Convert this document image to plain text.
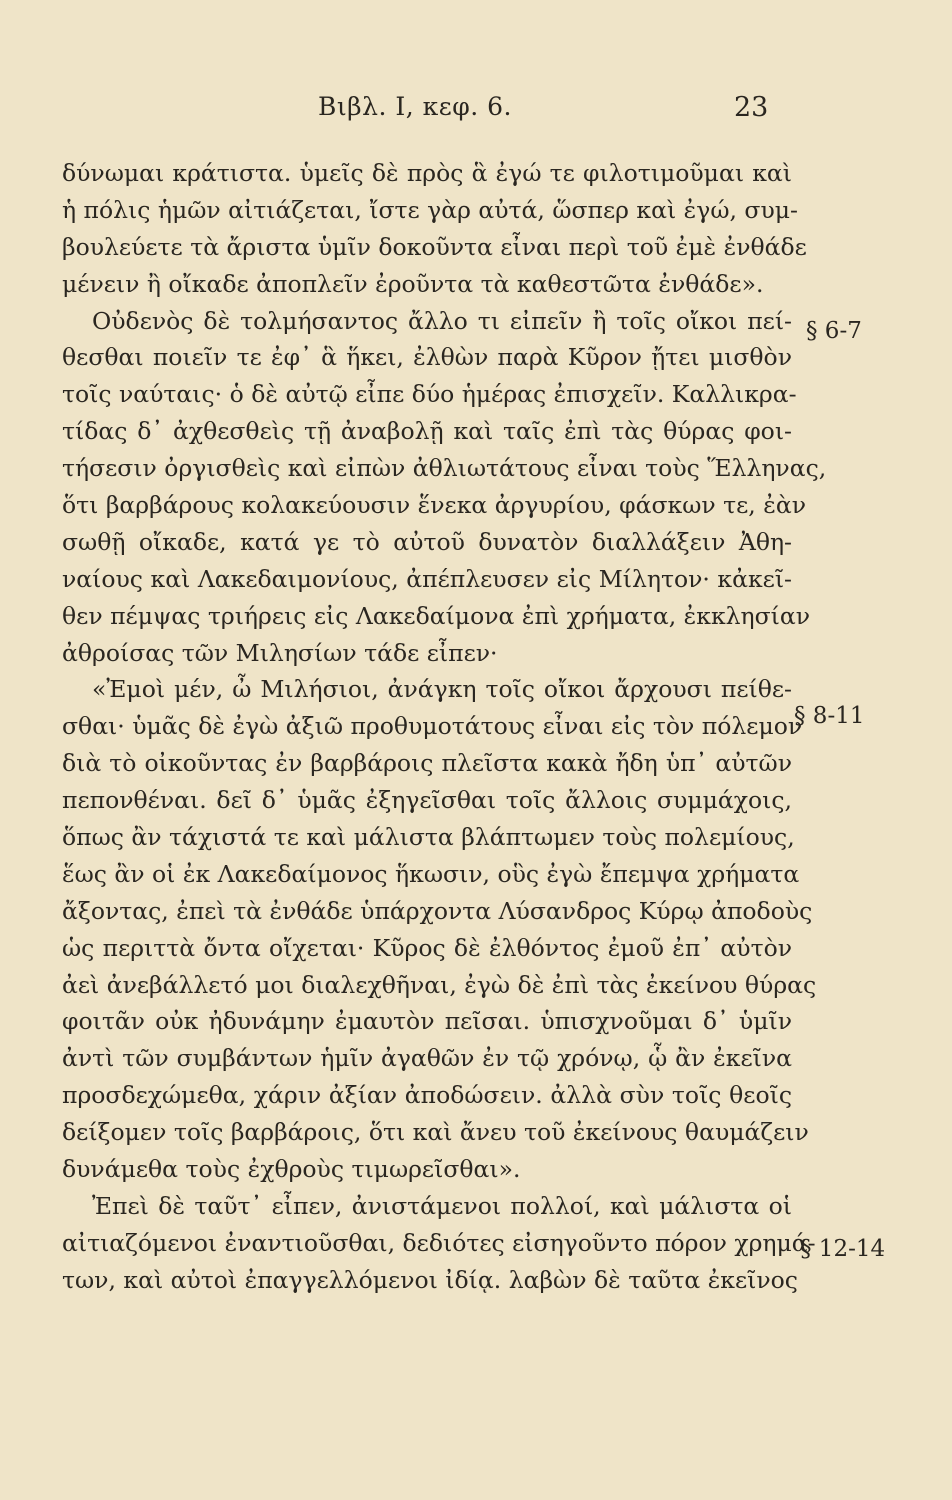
Βιβλ. Ι, κεφ. 6.	23
δύνωμαι κράτιστα. ὑμεῖς δὲ πρὸς ἃ ἐγώ τε φιλοτιμοῦμαι καὶ
ἡ πόλις ἡμῶν αἰτιάζεται, ἴστε γὰρ αὐτά, ὥσπερ καὶ ἐγώ, συμ-
βουλεύετε τὰ ἄριστα ὑμῖν δοκοῦντα εἶναι περὶ τοῦ ἐμὲ ἐνθάδε
μένειν ἢ οἴκαδε ἀποπλεῖν ἐροῦντα τὰ καθεστῶτα ἐνθάδε».
Οὐδενὸς δὲ τολμήσαντος ἄλλο τι εἰπεῖν ἢ τοῖς οἴκοι πεί-
θεσθαι ποιεῖν τε ἐφ᾽ ἃ ἥκει, ἐλθὼν παρὰ Κῦρον ᾔτει μισθὸν
τοῖς ναύταις· ὁ δὲ αὐτῷ εἶπε δύο ἡμέρας ἐπισχεῖν. Καλλικρα-
τίδας δ᾽ ἀχθεσθεὶς τῇ ἀναβολῇ καὶ ταῖς ἐπὶ τὰς θύρας φοι-
τήσεσιν ὀργισθεὶς καὶ εἰπὼν ἀθλιωτάτους εἶναι τοὺς Ἕλληνας,
ὅτι βαρβάρους κολακεύουσιν ἕνεκα ἀργυρίου, φάσκων τε, ἐὰν
σωθῇ οἴκαδε, κατά γε τὸ αὐτοῦ δυνατὸν διαλλάξειν Ἀθη-
ναίους καὶ Λακεδαιμονίους, ἀπέπλευσεν εἰς Μίλητον· κἀκεῖ-
θεν πέμψας τριήρεις εἰς Λακεδαίμονα ἐπὶ χρήματα, ἐκκλησίαν
ἀθροίσας τῶν Μιλησίων τάδε εἶπεν·
«Ἐμοὶ μέν, ὦ Μιλήσιοι, ἀνάγκη τοῖς οἴκοι ἄρχουσι πείθε-
σθαι· ὑμᾶς δὲ ἐγὼ ἀξιῶ προθυμοτάτους εἶναι εἰς τὸν πόλεμον
διὰ τὸ οἰκοῦντας ἐν βαρβάροις πλεῖστα κακὰ ἤδη ὑπ᾽ αὐτῶν
πεπονθέναι. δεῖ δ᾽ ὑμᾶς ἐξηγεῖσθαι τοῖς ἄλλοις συμμάχοις,
ὅπως ἂν τάχιστά τε καὶ μάλιστα βλάπτωμεν τοὺς πολεμίους,
ἕως ἂν οἱ ἐκ Λακεδαίμονος ἥκωσιν, οὓς ἐγὼ ἔπεμψα χρήματα
ἄξοντας, ἐπεὶ τὰ ἐνθάδε ὑπάρχοντα Λύσανδρος Κύρῳ ἀποδοὺς
ὡς περιττὰ ὄντα οἴχεται· Κῦρος δὲ ἐλθόντος ἐμοῦ ἐπ᾽ αὐτὸν
ἀεὶ ἀνεβάλλετό μοι διαλεχθῆναι, ἐγὼ δὲ ἐπὶ τὰς ἐκείνου θύρας
φοιτᾶν οὐκ ἠδυνάμην ἐμαυτὸν πεῖσαι. ὑπισχνοῦμαι δ᾽ ὑμῖν
ἀντὶ τῶν συμβάντων ἡμῖν ἀγαθῶν ἐν τῷ χρόνῳ, ᾧ ἂν ἐκεῖνα
προσδεχώμεθα, χάριν ἀξίαν ἀποδώσειν. ἀλλὰ σὺν τοῖς θεοῖς
δείξομεν τοῖς βαρβάροις, ὅτι καὶ ἄνευ τοῦ ἐκείνους θαυμάζειν
δυνάμεθα τοὺς ἐχθροὺς τιμωρεῖσθαι».
Ἐπεὶ δὲ ταῦτ᾽ εἶπεν, ἀνιστάμενοι πολλοί, καὶ μάλιστα οἱ
αἰτιαζόμενοι ἐναντιοῦσθαι, δεδιότες εἰσηγοῦντο πόρον χρημά-
των, καὶ αὐτοὶ ἐπαγγελλόμενοι ἰδίᾳ. λαβὼν δὲ ταῦτα ἐκεῖνος
§ 6-7
§ 8-11
§ 12-14
